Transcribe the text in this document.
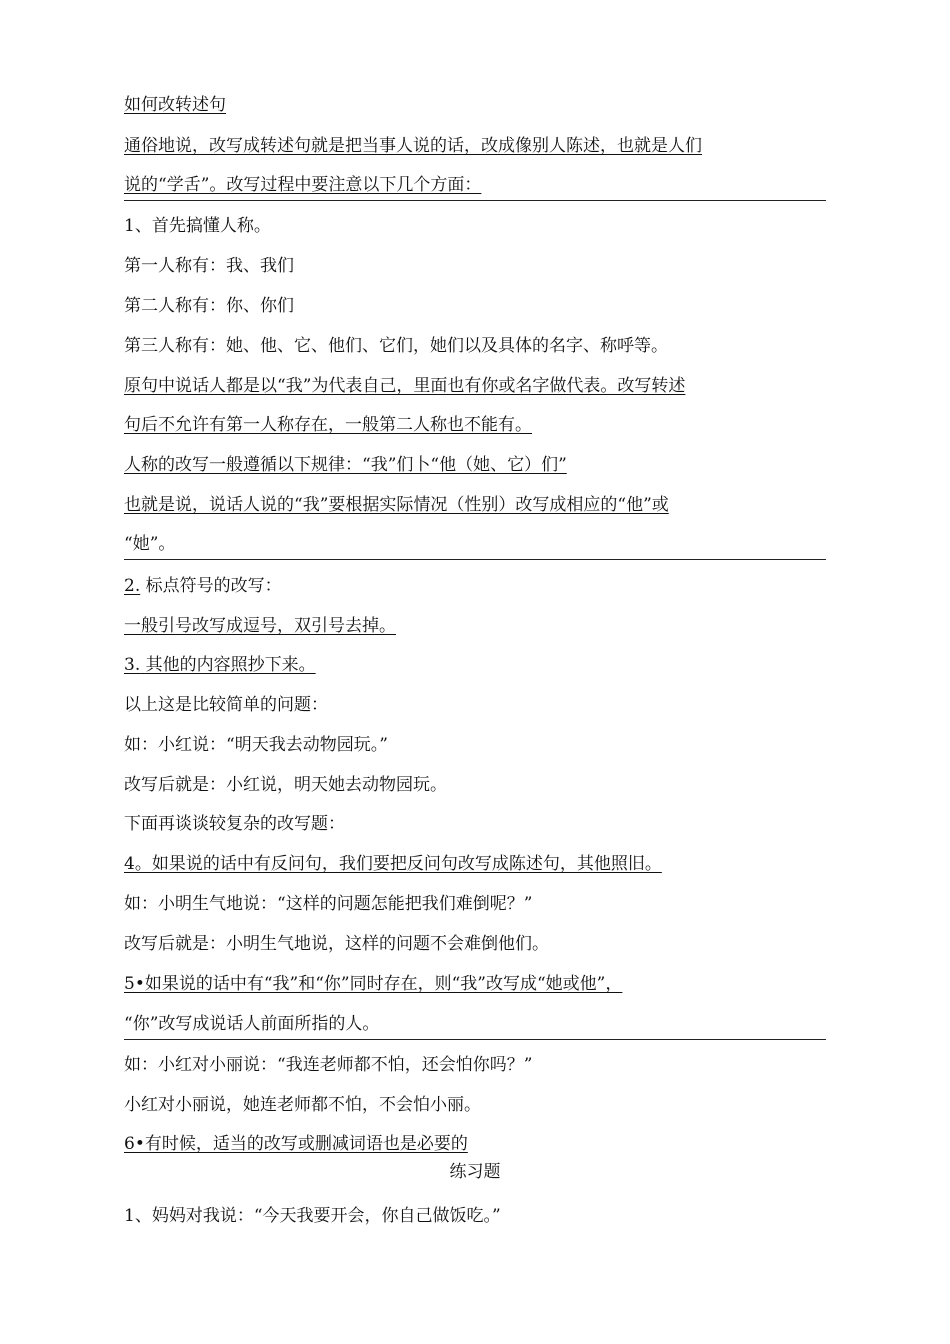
如何改转述句
通俗地说，改写成转述句就是把当事人说的话，改成像别人陈述，也就是人们
说的“学舌”。改写过程中要注意以下几个方面：
1、首先搞懂人称。
第一人称有：我、我们
第二人称有：你、你们
第三人称有：她、他、它、他们、它们，她们以及具体的名字、称呼等。
原句中说话人都是以“我”为代表自己，里面也有你或名字做代表。改写转述
句后不允许有第一人称存在，一般第二人称也不能有。
人称的改写一般遵循以下规律：“我”们卜“他（她、它）们”
也就是说，说话人说的“我”要根据实际情况（性别）改写成相应的“他”或
“她”。
2. 标点符号的改写：
一般引号改写成逗号，双引号去掉。
3. 其他的内容照抄下来。
以上这是比较简单的问题：
如：小红说：“明天我去动物园玩。”
改写后就是：小红说，明天她去动物园玩。
下面再谈谈较复杂的改写题：
4。如果说的话中有反问句，我们要把反问句改写成陈述句，其他照旧。
如：小明生气地说：“这样的问题怎能把我们难倒呢？”
改写后就是：小明生气地说，这样的问题不会难倒他们。
5•如果说的话中有“我”和“你”同时存在，则“我”改写成“她或他”，
“你”改写成说话人前面所指的人。
如：小红对小丽说：“我连老师都不怕，还会怕你吗？”
小红对小丽说，她连老师都不怕，不会怕小丽。
6•有时候，适当的改写或删减词语也是必要的
练习题
1、妈妈对我说：“今天我要开会，你自己做饭吃。”
